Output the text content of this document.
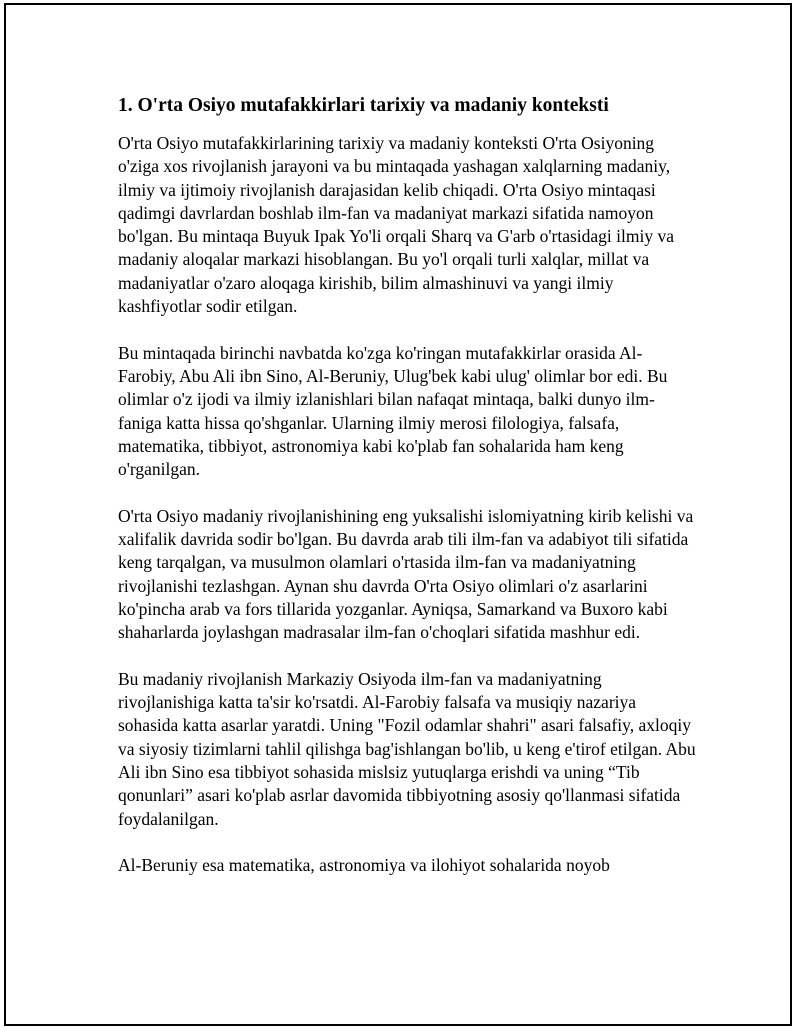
1. O'rta Osiyo mutafakkirlari tarixiy va madaniy konteksti

O'rta Osiyo mutafakkirlarining tarixiy va madaniy konteksti O'rta Osiyoning o'ziga xos rivojlanish jarayoni va bu mintaqada yashagan xalqlarning madaniy, ilmiy va ijtimoiy rivojlanish darajasidan kelib chiqadi. O'rta Osiyo mintaqasi qadimgi davrlardan boshlab ilm-fan va madaniyat markazi sifatida namoyon bo'lgan. Bu mintaqa Buyuk Ipak Yo'li orqali Sharq va G'arb o'rtasidagi ilmiy va madaniy aloqalar markazi hisoblangan. Bu yo'l orqali turli xalqlar, millat va madaniyatlar o'zaro aloqaga kirishib, bilim almashinuvi va yangi ilmiy kashfiyotlar sodir etilgan.

Bu mintaqada birinchi navbatda ko'zga ko'ringan mutafakkirlar orasida Al-Farobiy, Abu Ali ibn Sino, Al-Beruniy, Ulug'bek kabi ulug' olimlar bor edi. Bu olimlar o'z ijodi va ilmiy izlanishlari bilan nafaqat mintaqa, balki dunyo ilm-faniga katta hissa qo'shganlar. Ularning ilmiy merosi filologiya, falsafa, matematika, tibbiyot, astronomiya kabi ko'plab fan sohalarida ham keng o'rganilgan.

O'rta Osiyo madaniy rivojlanishining eng yuksalishi islomiyatning kirib kelishi va xalifalik davrida sodir bo'lgan. Bu davrda arab tili ilm-fan va adabiyot tili sifatida keng tarqalgan, va musulmon olamlari o'rtasida ilm-fan va madaniyatning rivojlanishi tezlashgan. Aynan shu davrda O'rta Osiyo olimlari o'z asarlarini ko'pincha arab va fors tillarida yozganlar. Ayniqsa, Samarkand va Buxoro kabi shaharlarda joylashgan madrasalar ilm-fan o'choqlari sifatida mashhur edi.

Bu madaniy rivojlanish Markaziy Osiyoda ilm-fan va madaniyatning rivojlanishiga katta ta'sir ko'rsatdi. Al-Farobiy falsafa va musiqiy nazariya sohasida katta asarlar yaratdi. Uning "Fozil odamlar shahri" asari falsafiy, axloqiy va siyosiy tizimlarni tahlil qilishga bag'ishlangan bo'lib, u keng e'tirof etilgan. Abu Ali ibn Sino esa tibbiyot sohasida mislsiz yutuqlarga erishdi va uning “Tib qonunlari” asari ko'plab asrlar davomida tibbiyotning asosiy qo'llanmasi sifatida foydalanilgan.

Al-Beruniy esa matematika, astronomiya va ilohiyot sohalarida noyob
